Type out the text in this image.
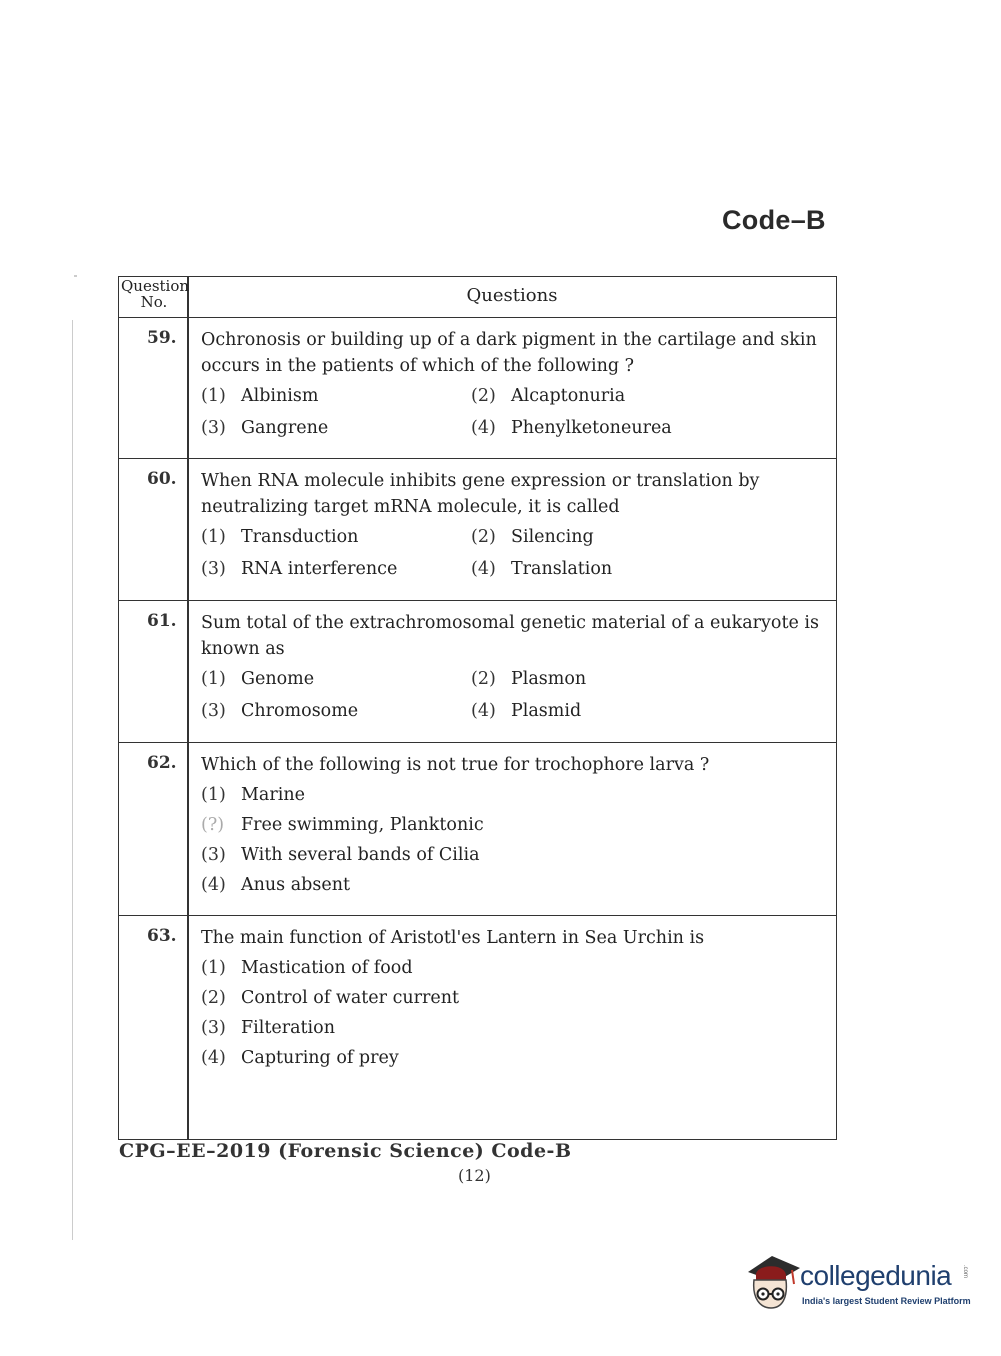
Code–B
Question No.	Questions
59. Ochronosis or building up of a dark pigment in the cartilage and skin occurs in the patients of which of the following ?

(1) Albinism	(2) Alcaptonuria
(3) Gangrene	(4) Phenylketoneurea
60. When RNA molecule inhibits gene expression or translation by neutralizing target mRNA molecule, it is called

(1) Transduction	(2) Silencing
(3) RNA interference	(4) Translation
61. Sum total of the extrachromosomal genetic material of a eukaryote is known as

(1) Genome	(2) Plasmon
(3) Chromosome	(4) Plasmid
62. Which of the following is not true for trochophore larva ?

(1) Marine
(?) Free swimming, Planktonic
(3) With several bands of Cilia
(4) Anus absent
63. The main function of Aristotl'es Lantern in Sea Urchin is

(1) Mastication of food
(2) Control of water current
(3) Filteration
(4) Capturing of prey
CPG–EE–2019 (Forensic Science) Code-B
(12)
collegedunia .com
India's largest Student Review Platform
